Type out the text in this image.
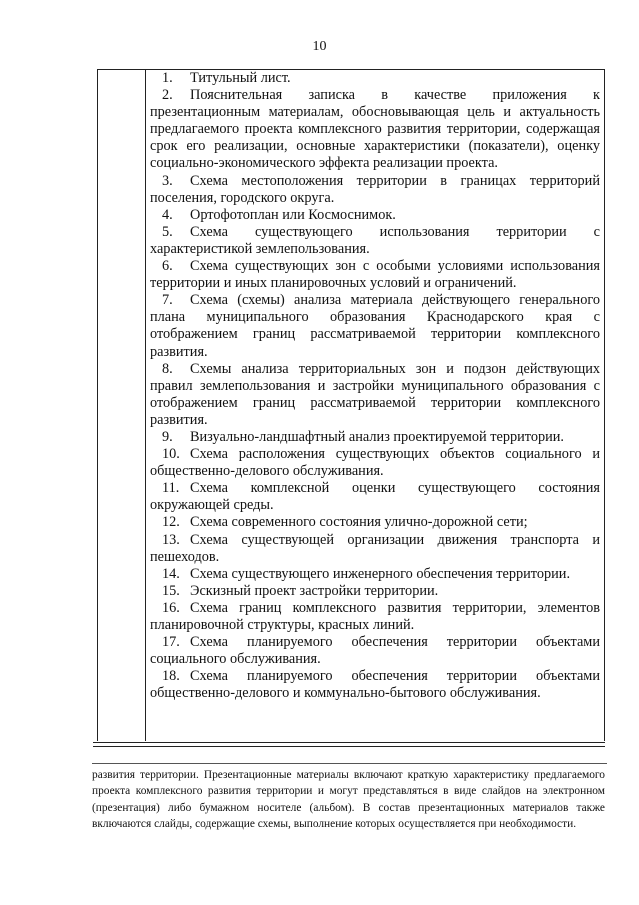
10
1. Титульный лист.
2. Пояснительная записка в качестве приложения к презентационным материалам, обосновывающая цель и актуальность предлагаемого проекта комплексного развития территории, содержащая срок его реализации, основные характеристики (показатели), оценку социально-экономического эффекта реализации проекта.
3. Схема местоположения территории в границах территорий поселения, городского округа.
4. Ортофотоплан или Космоснимок.
5. Схема существующего использования территории с характеристикой землепользования.
6. Схема существующих зон с особыми условиями использования территории и иных планировочных условий и ограничений.
7. Схема (схемы) анализа материала действующего генерального плана муниципального образования Краснодарского края с отображением границ рассматриваемой территории комплексного развития.
8. Схемы анализа территориальных зон и подзон действующих правил землепользования и застройки муниципального образования с отображением границ рассматриваемой территории комплексного развития.
9. Визуально-ландшафтный анализ проектируемой территории.
10. Схема расположения существующих объектов социального и общественно-делового обслуживания.
11. Схема комплексной оценки существующего состояния окружающей среды.
12. Схема современного состояния улично-дорожной сети;
13. Схема существующей организации движения транспорта и пешеходов.
14. Схема существующего инженерного обеспечения территории.
15. Эскизный проект застройки территории.
16. Схема границ комплексного развития территории, элементов планировочной структуры, красных линий.
17. Схема планируемого обеспечения территории объектами социального обслуживания.
18. Схема планируемого обеспечения территории объектами общественно-делового и коммунально-бытового обслуживания.
развития территории. Презентационные материалы включают краткую характеристику предлагаемого проекта комплексного развития территории и могут представляться в виде слайдов на электронном (презентация) либо бумажном носителе (альбом). В состав презентационных материалов также включаются слайды, содержащие схемы, выполнение которых осуществляется при необходимости.
